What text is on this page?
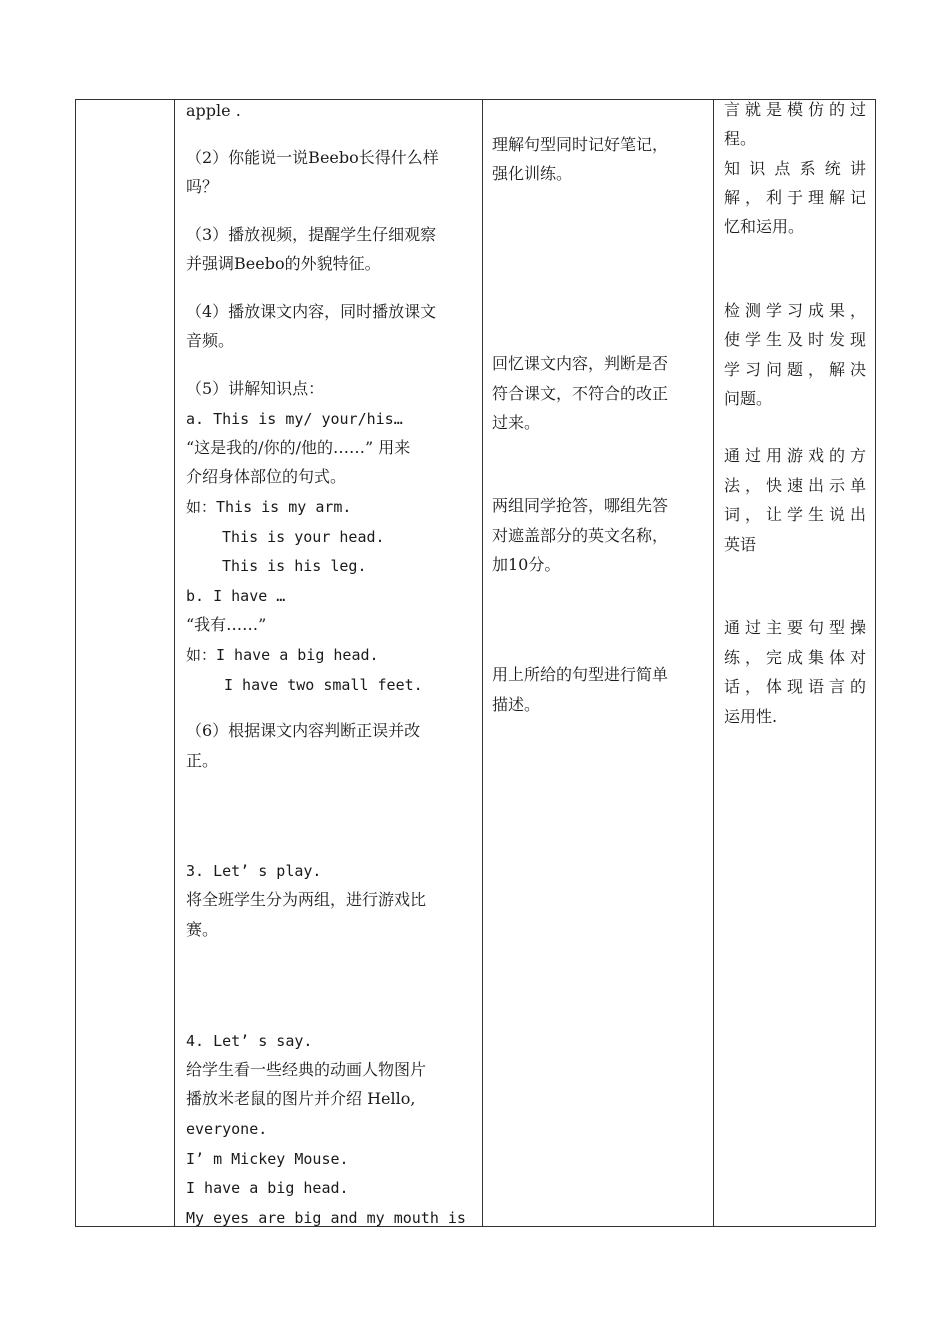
apple .
（2）你能说一说Beebo长得什么样
吗？
（3）播放视频，提醒学生仔细观察
并强调Beebo的外貌特征。
（4）播放课文内容，同时播放课文
音频。
（5）讲解知识点：
a. This is my/ your/his…
“这是我的/你的/他的……” 用来
介绍身体部位的句式。
如：This is my arm.
This is your head.
This is his leg.
b. I have …
“我有……”
如：I have a big head.
I have two small feet.
（6）根据课文内容判断正误并改
正。
3. Let’ s play.
将全班学生分为两组，进行游戏比
赛。
4. Let’ s say.
给学生看一些经典的动画人物图片
播放米老鼠的图片并介绍 Hello,
everyone.
I’ m Mickey Mouse.
I have a big head.
My eyes are big and my mouth is

理解句型同时记好笔记，
强化训练。
回忆课文内容，判断是否
符合课文，不符合的改正
过来。
两组同学抢答，哪组先答
对遮盖部分的英文名称，
加10分。
用上所给的句型进行简单
描述。

言就是模仿的过
程。
知识点系统讲
解，利于理解记
忆和运用。
检测学习成果，
使学生及时发现
学习问题，解决
问题。
通过用游戏的方
法，快速出示单
词，让学生说出
英语
通过主要句型操
练，完成集体对
话，体现语言的
运用性.
